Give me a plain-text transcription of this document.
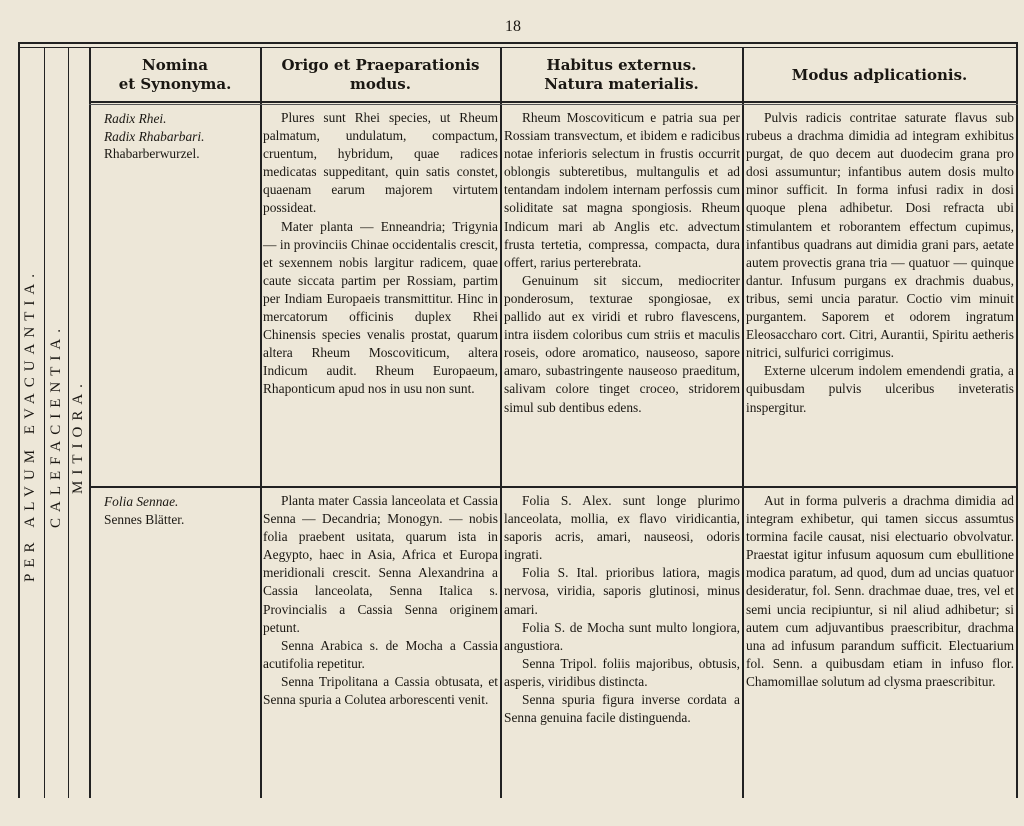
18
Nomina
et Synonyma.
Origo et Praeparationis
modus.
Habitus externus.
Natura materialis.
Modus adplicationis.
PER ALVUM EVACUANTIA. CALEFACIENTIA. MITIORA.

Radix Rhei.

Radix Rhabarbari.

Rhabarberwurzel.

Plures sunt Rhei species, ut Rheum palmatum, undulatum, compactum, cruentum, hybridum, quae radices medicatas suppeditant, quin satis constet, quaenam earum majorem virtutem possideat.

Mater planta — Enneandria; Trigynia — in provinciis Chinae occidentalis crescit, et sexennem nobis largitur radicem, quae caute siccata partim per Rossiam, partim per Indiam Europaeis transmittitur. Hinc in mercatorum officinis duplex Rhei Chinensis species venalis prostat, quarum altera Rheum Moscoviticum, altera Indicum audit. Rheum Europaeum, Rhaponticum apud nos in usu non sunt.

Rheum Moscoviticum e patria sua per Rossiam transvectum, et ibidem e radicibus notae inferioris selectum in frustis occurrit oblongis subteretibus, multangulis et ad tentandam indolem internam perfossis cum soliditate sat magna spongiosis. Rheum Indicum mari ab Anglis etc. advectum frusta tertetia, compressa, compacta, dura offert, rarius perterebrata.

Genuinum sit siccum, mediocriter ponderosum, texturae spongiosae, ex pallido aut ex viridi et rubro flavescens, intra iisdem coloribus cum striis et maculis roseis, odore aromatico, nauseoso, sapore amaro, subastringente nauseoso praeditum, salivam colore tinget croceo, stridorem simul sub dentibus edens.

Pulvis radicis contritae saturate flavus sub rubeus a drachma dimidia ad integram exhibitus purgat, de quo decem aut duodecim grana pro dosi assumuntur; infantibus autem dosis multo minor sufficit. In forma infusi radix in dosi quoque plena adhibetur. Dosi refracta ubi stimulantem et roborantem effectum cupimus, infantibus quadrans aut dimidia grani pars, aetate autem provectis grana tria — quatuor — quinque dantur. Infusum purgans ex drachmis duabus, tribus, semi uncia paratur. Coctio vim minuit purgantem. Saporem et odorem ingratum Eleosaccharo cort. Citri, Aurantii, Spiritu aetheris nitrici, sulfurici corrigimus.

Externe ulcerum indolem emendendi gratia, a quibusdam pulvis ulceribus inveteratis inspergitur.

Folia Sennae.

Sennes Blätter.

Planta mater Cassia lanceolata et Cassia Senna — Decandria; Monogyn. — nobis folia praebent usitata, quarum ista in Aegypto, haec in Asia, Africa et Europa meridionali crescit. Senna Alexandrina a Cassia lanceolata, Senna Italica s. Provincialis a Cassia Senna originem petunt.

Senna Arabica s. de Mocha a Cassia acutifolia repetitur.

Senna Tripolitana a Cassia obtusata, et Senna spuria a Colutea arborescenti venit.

Folia S. Alex. sunt longe plurimo lanceolata, mollia, ex flavo viridicantia, saporis acris, amari, nauseosi, odoris ingrati.

Folia S. Ital. prioribus latiora, magis nervosa, viridia, saporis glutinosi, minus amari.

Folia S. de Mocha sunt multo longiora, angustiora.

Senna Tripol. foliis majoribus, obtusis, asperis, viridibus distincta.

Senna spuria figura inverse cordata a Senna genuina facile distinguenda.

Aut in forma pulveris a drachma dimidia ad integram exhibetur, qui tamen siccus assumtus tormina facile causat, nisi electuario obvolvatur. Praestat igitur infusum aquosum cum ebullitione modica paratum, ad quod, dum ad uncias quatuor desideratur, fol. Senn. drachmae duae, tres, vel et semi uncia recipiuntur, si nil aliud adhibetur; si autem cum adjuvantibus praescribitur, drachma una ad infusum parandum sufficit. Electuarium fol. Senn. a quibusdam etiam in infuso flor. Chamomillae solutum ad clysma praescribitur.
